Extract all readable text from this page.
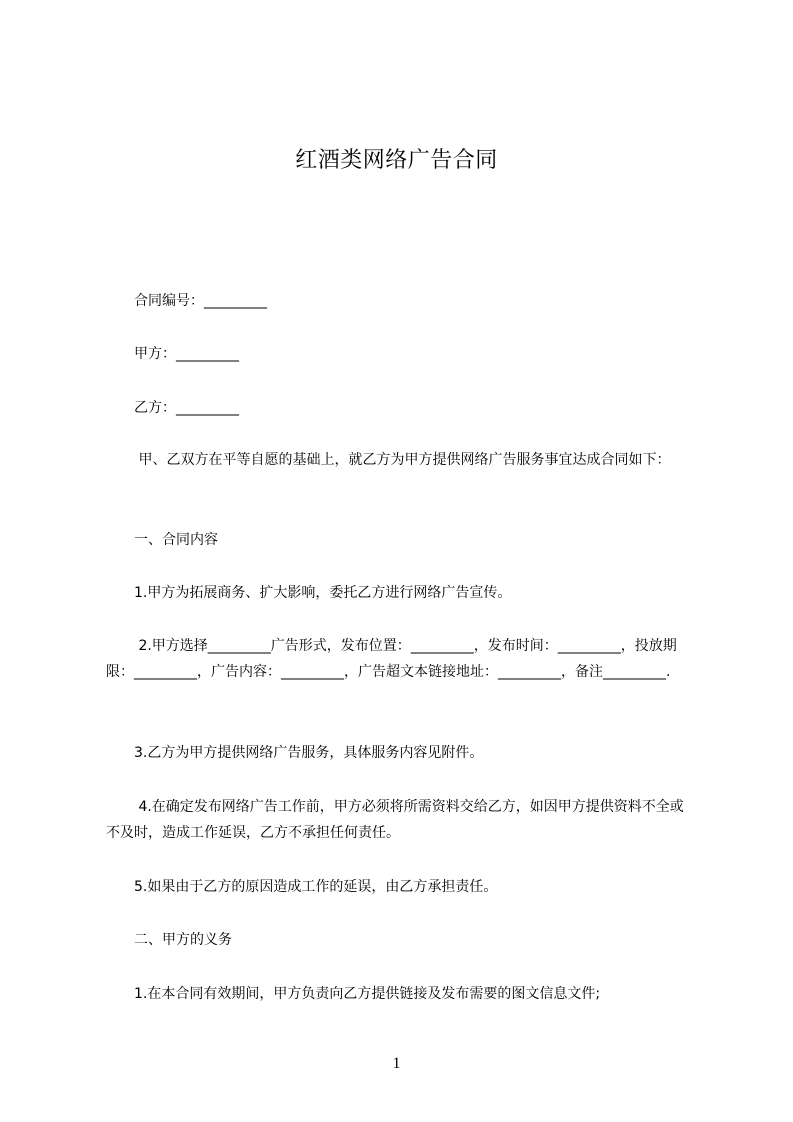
红酒类网络广告合同
　　合同编号：_________
　　甲方：_________
　　乙方：_________
　　 甲、乙双方在平等自愿的基础上，就乙方为甲方提供网络广告服务事宜达成合同如下：
　　一、合同内容
　　1.甲方为拓展商务、扩大影响，委托乙方进行网络广告宣传。
　　 2.甲方选择_________广告形式，发布位置：_________，发布时间：_________，投放期限：_________，广告内容：_________，广告超文本链接地址：_________，备注_________.
　　3.乙方为甲方提供网络广告服务，具体服务内容见附件。
　　 4.在确定发布网络广告工作前，甲方必须将所需资料交给乙方，如因甲方提供资料不全或不及时，造成工作延误，乙方不承担任何责任。
　　5.如果由于乙方的原因造成工作的延误，由乙方承担责任。
　　二、甲方的义务
　　1.在本合同有效期间，甲方负责向乙方提供链接及发布需要的图文信息文件;
1
